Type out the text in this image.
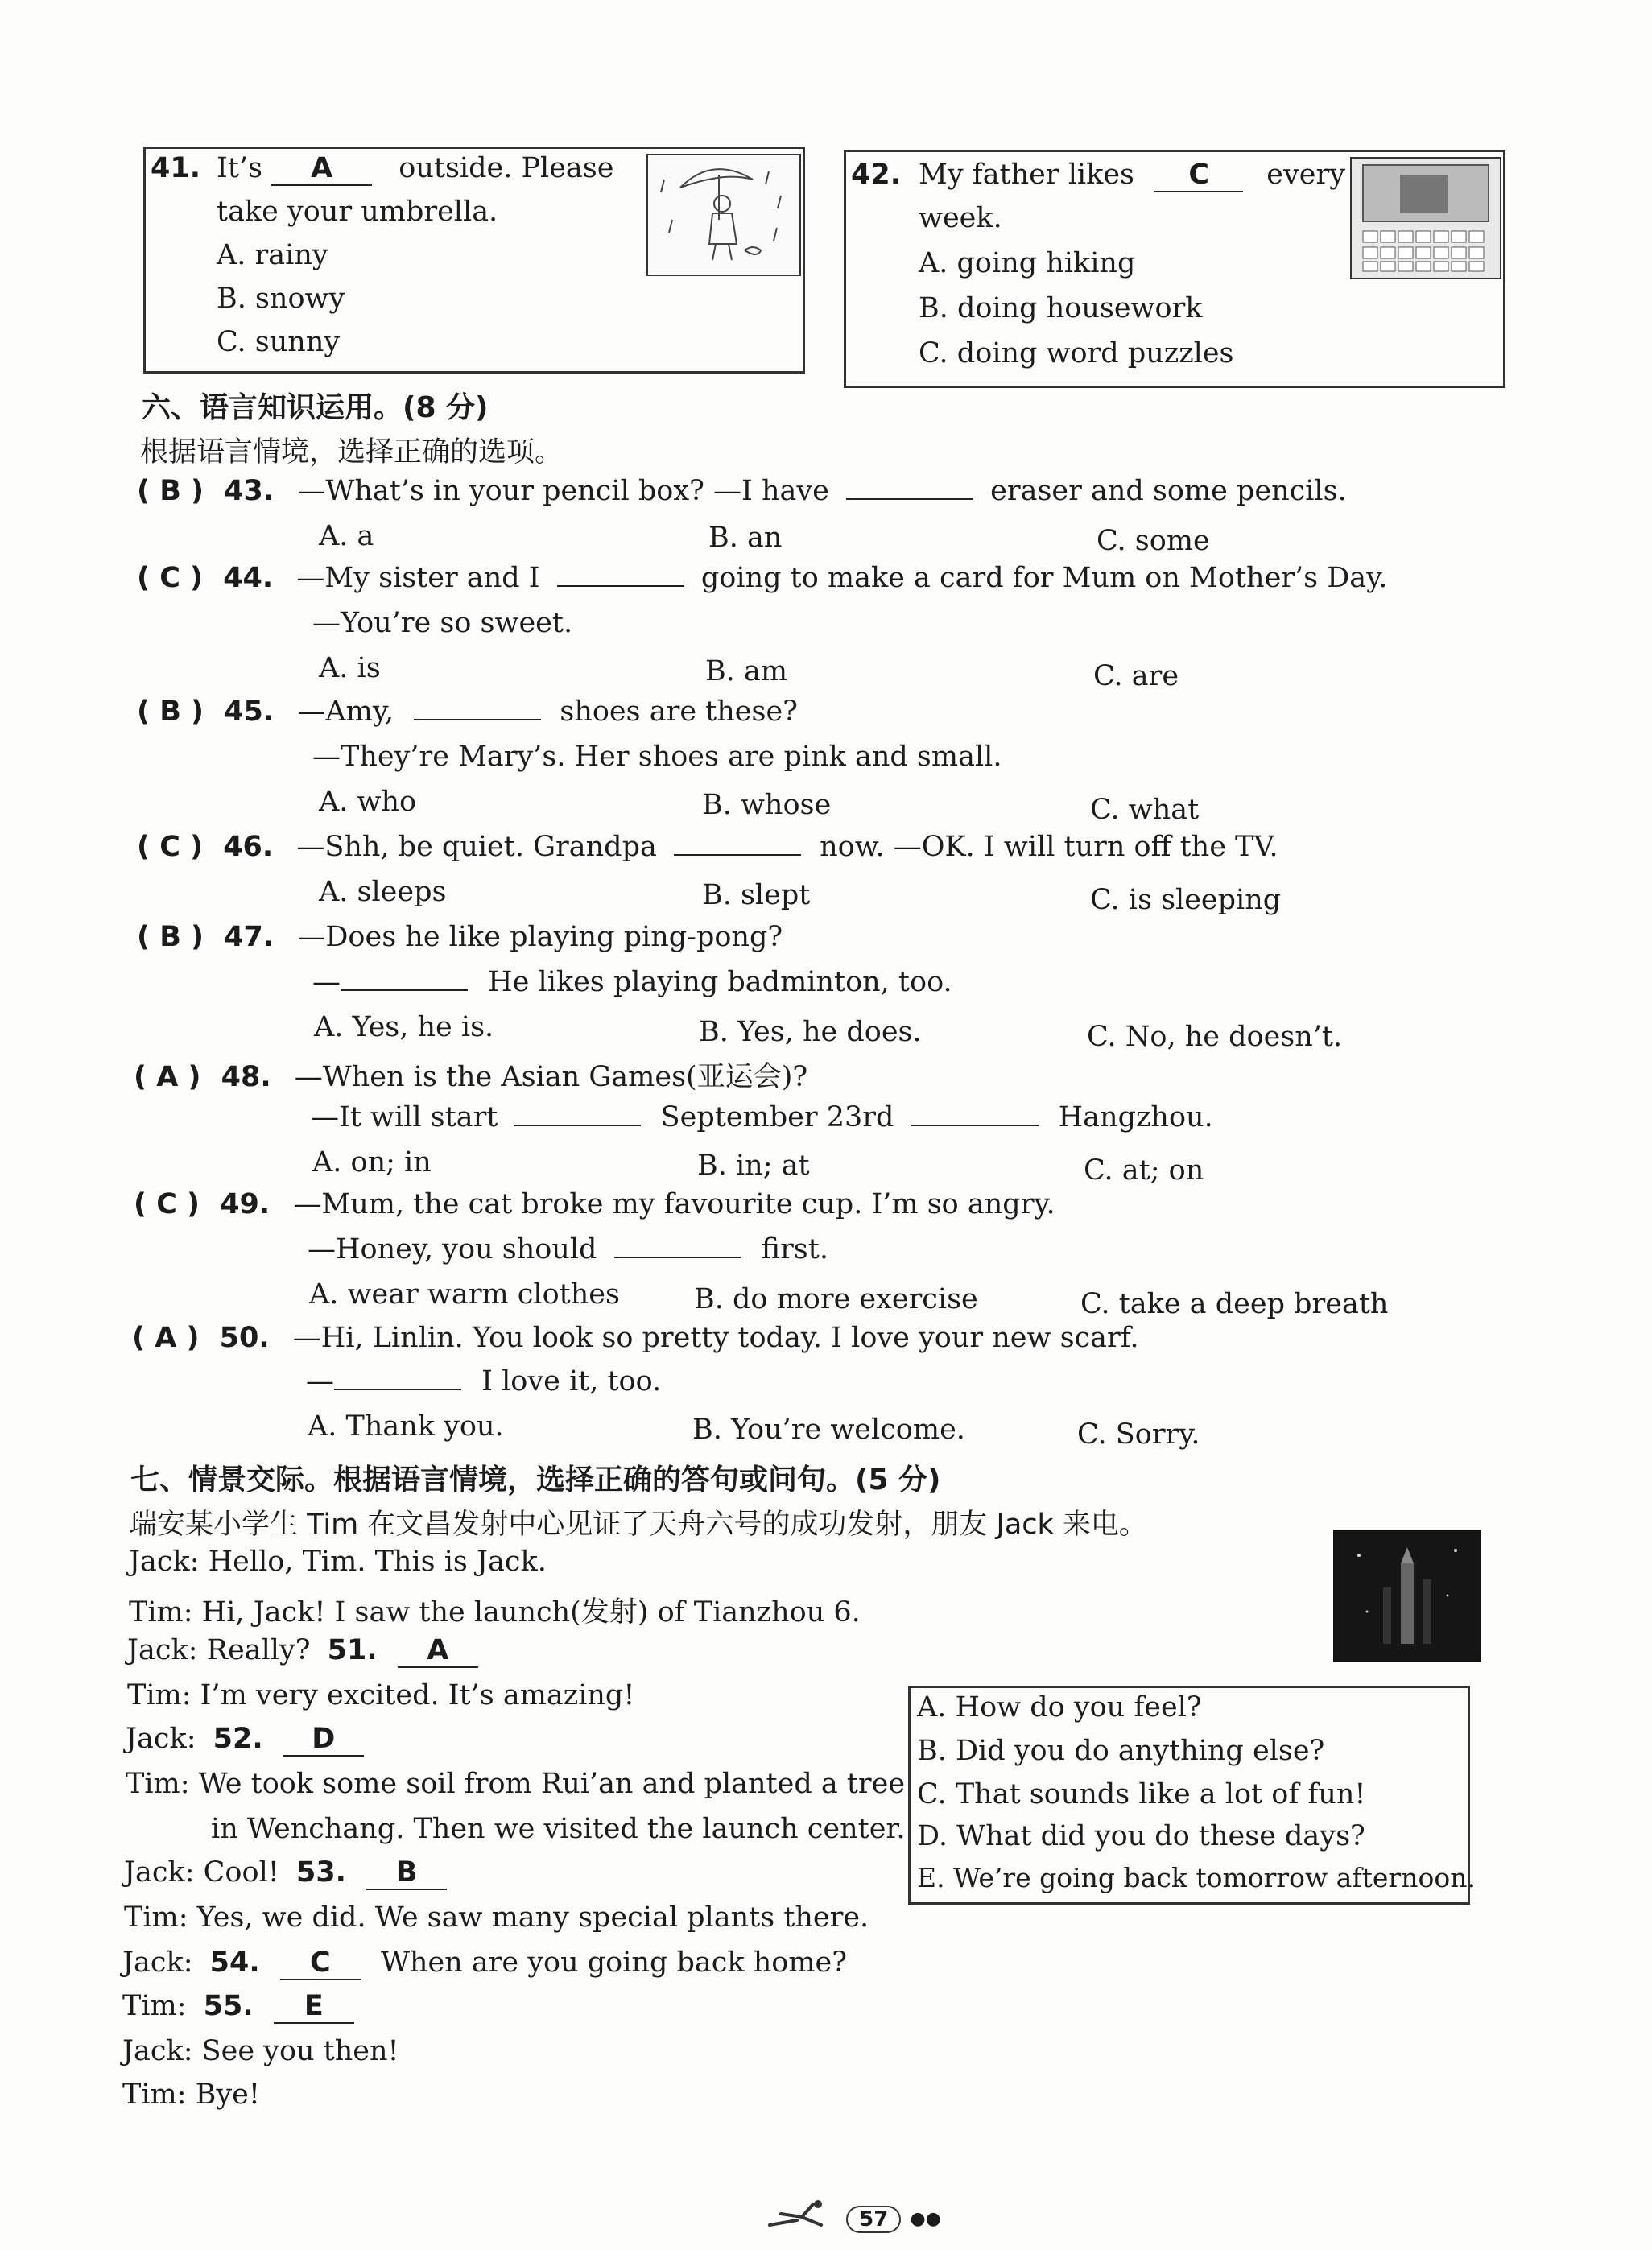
41. It’s A outside. Please
take your umbrella.
A. rainy
B. snowy
C. sunny
42. My father likes C every
week.
A. going hiking
B. doing housework
C. doing word puzzles
六、语言知识运用。(8 分)
根据语言情境，选择正确的选项。
( B ) 43. —What’s in your pencil box? —I have	eraser and some pencils.
A. a	B. an	C. some
( C ) 44. —My sister and I	going to make a card for Mum on Mother’s Day.
—You’re so sweet.
A. is	B. am	C. are
( B ) 45. —Amy,	shoes are these?
—They’re Mary’s. Her shoes are pink and small.
A. who	B. whose	C. what
( C ) 46. —Shh, be quiet. Grandpa	now. —OK. I will turn off the TV.
A. sleeps	B. slept	C. is sleeping
( B ) 47. —Does he like playing ping-pong?
—	He likes playing badminton, too.
A. Yes, he is.	B. Yes, he does.	C. No, he doesn’t.
( A ) 48. —When is the Asian Games(亚运会)?
—It will start	September 23rd	Hangzhou.
A. on; in	B. in; at	C. at; on
( C ) 49. —Mum, the cat broke my favourite cup. I’m so angry.
—Honey, you should	first.
A. wear warm clothes	B. do more exercise	C. take a deep breath
( A ) 50. —Hi, Linlin. You look so pretty today. I love your new scarf.
—	I love it, too.
A. Thank you.	B. You’re welcome.	C. Sorry.
七、情景交际。根据语言情境，选择正确的答句或问句。(5 分)
瑞安某小学生 Tim 在文昌发射中心见证了天舟六号的成功发射，朋友 Jack 来电。
Jack: Hello, Tim. This is Jack.
Tim: Hi, Jack! I saw the launch(发射) of Tianzhou 6.
Jack: Really? 51. A
Tim: I’m very excited. It’s amazing!
Jack: 52. D
Tim: We took some soil from Rui’an and planted a tree
in Wenchang. Then we visited the launch center.
Jack: Cool! 53. B
Tim: Yes, we did. We saw many special plants there.
Jack: 54. C When are you going back home?
Tim: 55. E
Jack: See you then!
Tim: Bye!
A. How do you feel?
B. Did you do anything else?
C. That sounds like a lot of fun!
D. What did you do these days?
E. We’re going back tomorrow afternoon.
57 ●●
